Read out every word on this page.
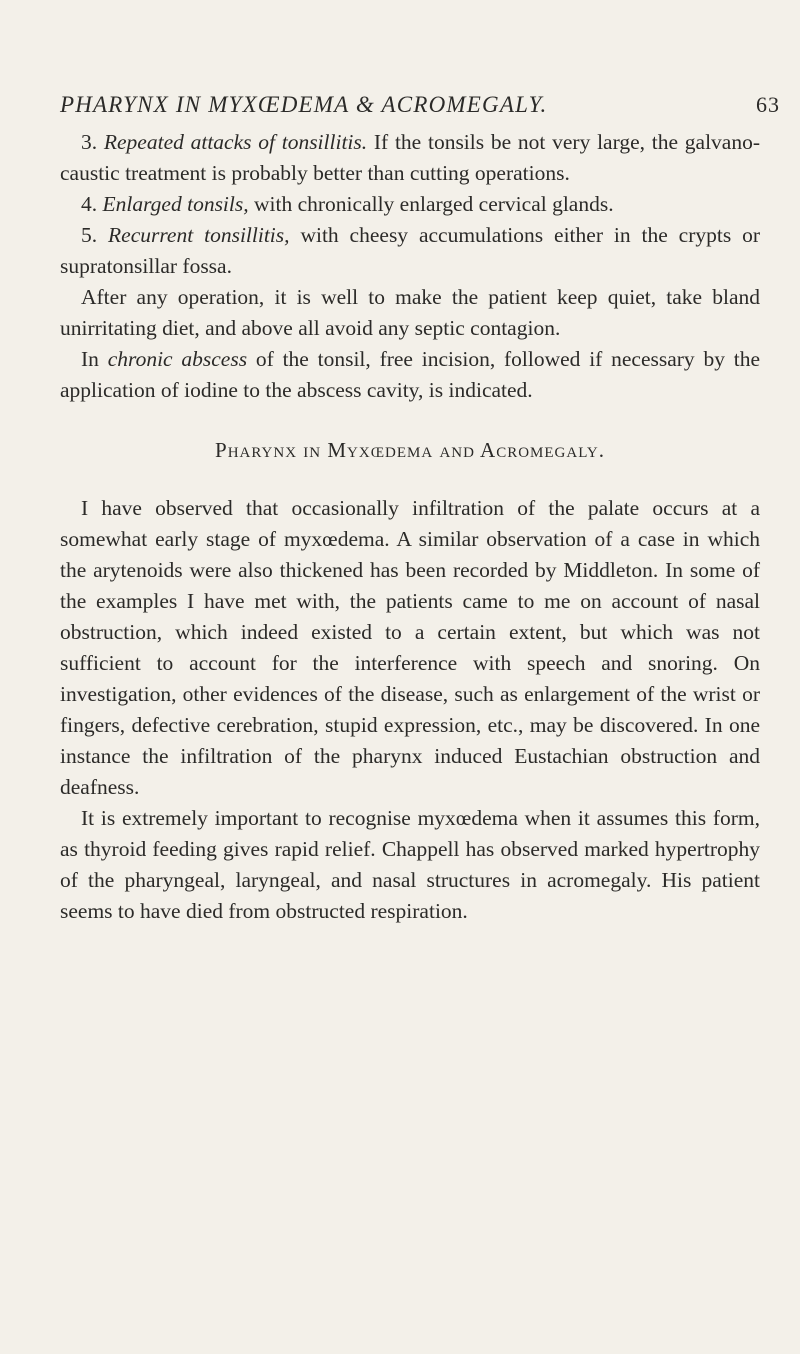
PHARYNX IN MYXŒDEMA & ACROMEGALY.	63

3. Repeated attacks of tonsillitis. If the tonsils be not very large, the galvano-caustic treatment is probably better than cutting operations.

4. Enlarged tonsils, with chronically enlarged cervical glands.

5. Recurrent tonsillitis, with cheesy accumulations either in the crypts or supratonsillar fossa.

After any operation, it is well to make the patient keep quiet, take bland unirritating diet, and above all avoid any septic contagion.

In chronic abscess of the tonsil, free incision, followed if necessary by the application of iodine to the abscess cavity, is indicated.

Pharynx in Myxœdema and Acromegaly.

I have observed that occasionally infiltration of the palate occurs at a somewhat early stage of myxœdema. A similar observation of a case in which the arytenoids were also thickened has been recorded by Middleton. In some of the examples I have met with, the patients came to me on account of nasal obstruction, which indeed existed to a certain extent, but which was not sufficient to account for the interference with speech and snoring. On investigation, other evidences of the disease, such as enlargement of the wrist or fingers, defective cerebration, stupid expression, etc., may be discovered. In one instance the infiltration of the pharynx induced Eustachian obstruction and deafness.

It is extremely important to recognise myxœdema when it assumes this form, as thyroid feeding gives rapid relief. Chappell has observed marked hypertrophy of the pharyngeal, laryngeal, and nasal structures in acromegaly. His patient seems to have died from obstructed respiration.
